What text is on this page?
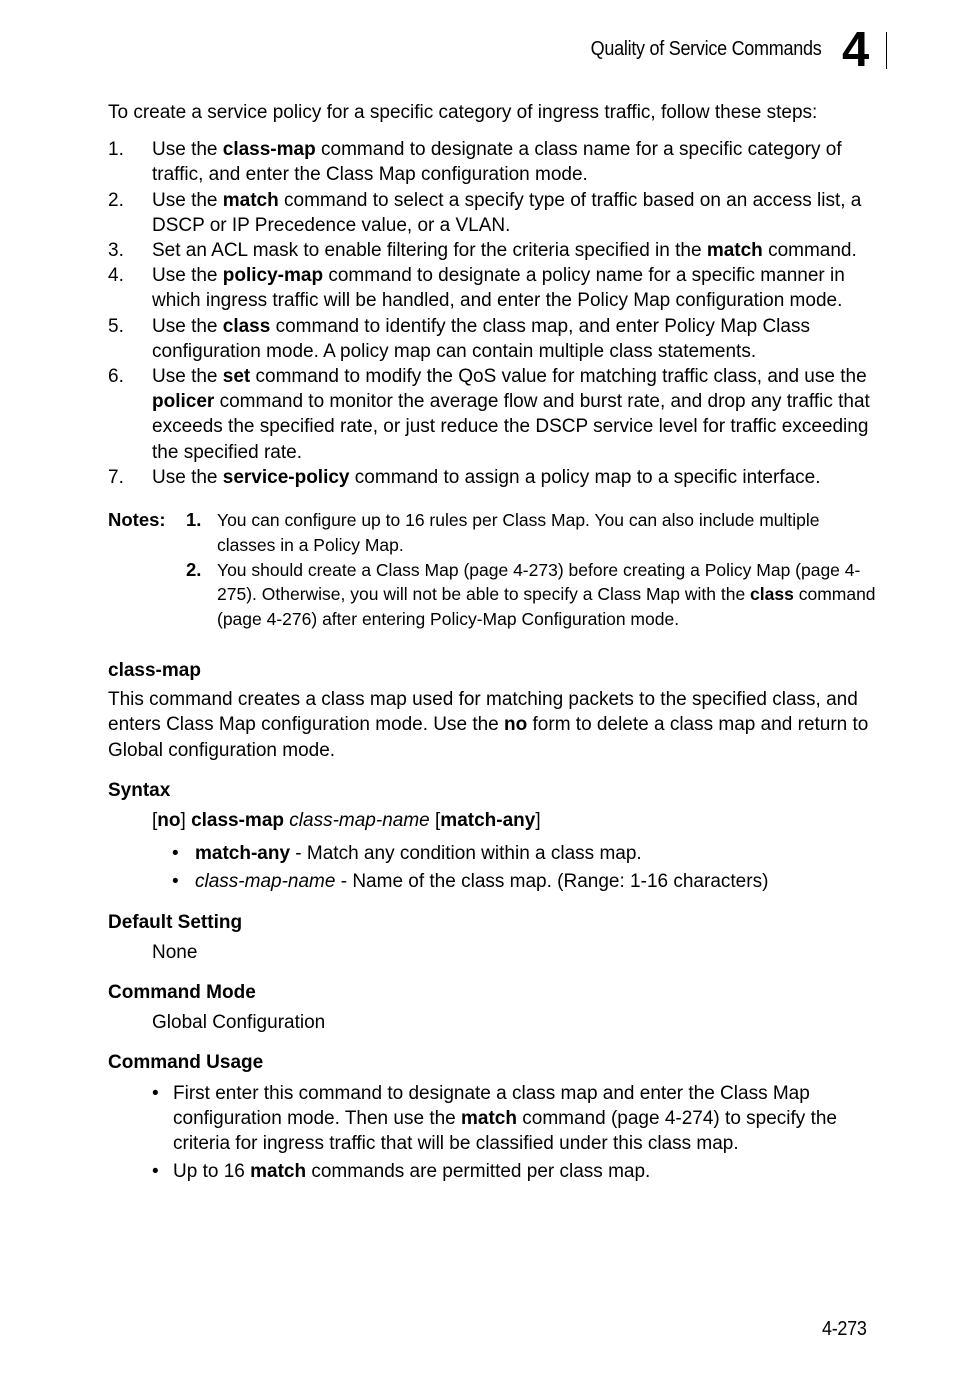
Quality of Service Commands 4

To create a service policy for a specific category of ingress traffic, follow these steps:

1. Use the class-map command to designate a class name for a specific category of traffic, and enter the Class Map configuration mode.
2. Use the match command to select a specify type of traffic based on an access list, a DSCP or IP Precedence value, or a VLAN.
3. Set an ACL mask to enable filtering for the criteria specified in the match command.
4. Use the policy-map command to designate a policy name for a specific manner in which ingress traffic will be handled, and enter the Policy Map configuration mode.
5. Use the class command to identify the class map, and enter Policy Map Class configuration mode. A policy map can contain multiple class statements.
6. Use the set command to modify the QoS value for matching traffic class, and use the policer command to monitor the average flow and burst rate, and drop any traffic that exceeds the specified rate, or just reduce the DSCP service level for traffic exceeding the specified rate.
7. Use the service-policy command to assign a policy map to a specific interface.
Notes: 1. You can configure up to 16 rules per Class Map. You can also include multiple classes in a Policy Map.
2. You should create a Class Map (page 4-273) before creating a Policy Map (page 4-275). Otherwise, you will not be able to specify a Class Map with the class command (page 4-276) after entering Policy-Map Configuration mode.
class-map

This command creates a class map used for matching packets to the specified class, and enters Class Map configuration mode. Use the no form to delete a class map and return to Global configuration mode.

Syntax
[no] class-map class-map-name [match-any]
• match-any - Match any condition within a class map.
• class-map-name - Name of the class map. (Range: 1-16 characters)
Default Setting
None
Command Mode
Global Configuration
Command Usage
• First enter this command to designate a class map and enter the Class Map configuration mode. Then use the match command (page 4-274) to specify the criteria for ingress traffic that will be classified under this class map.
• Up to 16 match commands are permitted per class map.
4-273
